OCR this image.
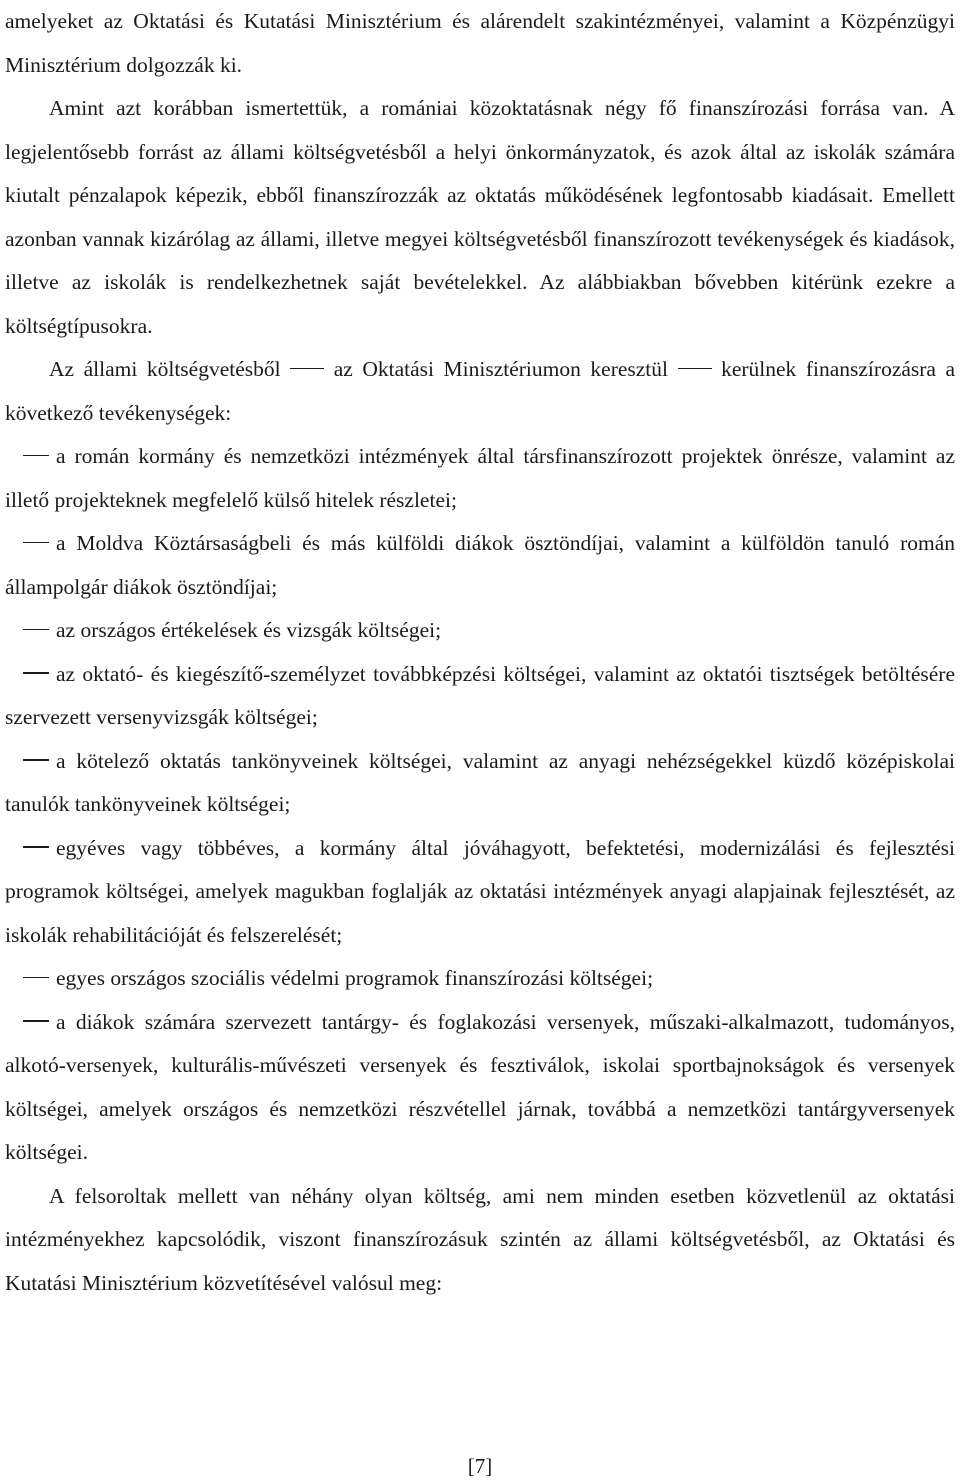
amelyeket az Oktatási és Kutatási Minisztérium és alárendelt szakintézményei, valamint a Közpénzügyi Minisztérium dolgozzák ki.

Amint azt korábban ismertettük, a romániai közoktatásnak négy fő finanszírozási forrása van. A legjelentősebb forrást az állami költségvetésből a helyi önkormányzatok, és azok által az iskolák számára kiutalt pénzalapok képezik, ebből finanszírozzák az oktatás működésének legfontosabb kiadásait. Emellett azonban vannak kizárólag az állami, illetve megyei költségvetésből finanszírozott tevékenységek és kiadások, illetve az iskolák is rendelkezhetnek saját bevételekkel. Az alábbiakban bővebben kitérünk ezekre a költségtípusokra.

Az állami költségvetésből az Oktatási Minisztériumon keresztül kerülnek finanszírozásra a következő tevékenységek:

a román kormány és nemzetközi intézmények által társfinanszírozott projektek önrésze, valamint az illető projekteknek megfelelő külső hitelek részletei;

a Moldva Köztársaságbeli és más külföldi diákok ösztöndíjai, valamint a külföldön tanuló román állampolgár diákok ösztöndíjai;

az országos értékelések és vizsgák költségei;

az oktató- és kiegészítő-személyzet továbbképzési költségei, valamint az oktatói tisztségek betöltésére szervezett versenyvizsgák költségei;

a kötelező oktatás tankönyveinek költségei, valamint az anyagi nehézségekkel küzdő középiskolai tanulók tankönyveinek költségei;

egyéves vagy többéves, a kormány által jóváhagyott, befektetési, modernizálási és fejlesztési programok költségei, amelyek magukban foglalják az oktatási intézmények anyagi alapjainak fejlesztését, az iskolák rehabilitációját és felszerelését;

egyes országos szociális védelmi programok finanszírozási költségei;

a diákok számára szervezett tantárgy- és foglakozási versenyek, műszaki-alkalmazott, tudományos, alkotó-versenyek, kulturális-művészeti versenyek és fesztiválok, iskolai sportbajnokságok és versenyek költségei, amelyek országos és nemzetközi részvétellel járnak, továbbá a nemzetközi tantárgyversenyek költségei.

A felsoroltak mellett van néhány olyan költség, ami nem minden esetben közvetlenül az oktatási intézményekhez kapcsolódik, viszont finanszírozásuk szintén az állami költségvetésből, az Oktatási és Kutatási Minisztérium közvetítésével valósul meg:

[7]
